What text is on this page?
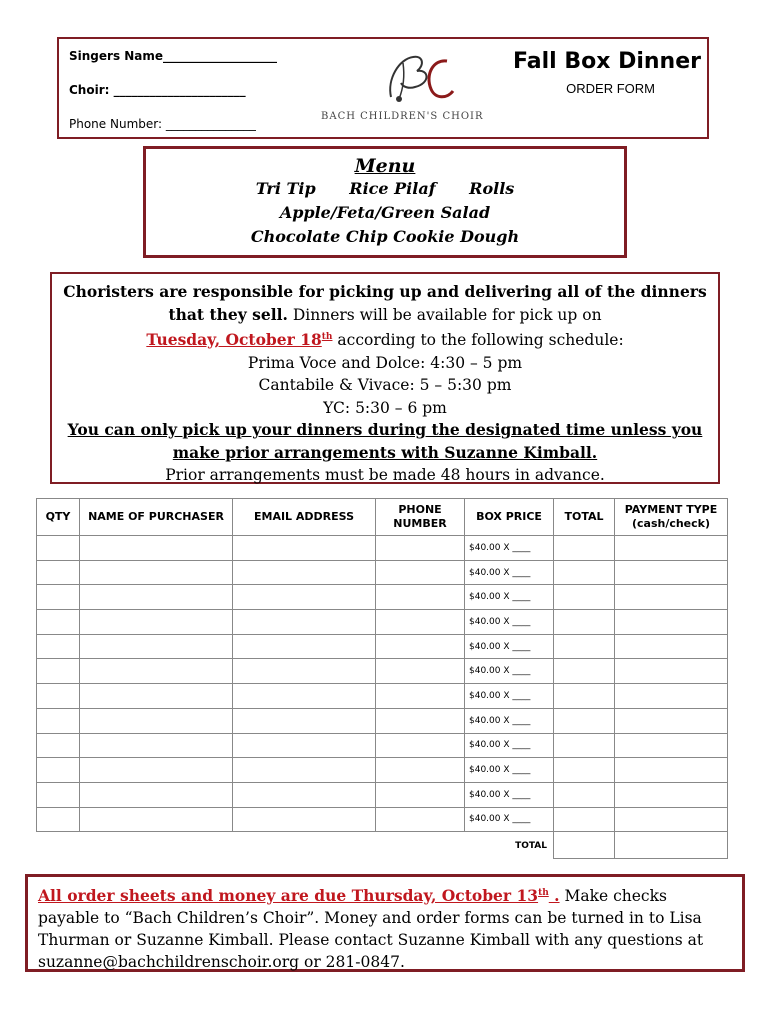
Singers Name___________________
Choir: ______________________
Phone Number: _______________
BACH CHILDREN'S CHOIR
Fall Box Dinner
ORDER FORM
Menu
Tri Tip Rice Pilaf Rolls
Apple/Feta/Green Salad
Chocolate Chip Cookie Dough
Choristers are responsible for picking up and delivering all of the dinners that they sell. Dinners will be available for pick up on
Tuesday, October 18th according to the following schedule:
Prima Voce and Dolce: 4:30 – 5 pm
Cantabile & Vivace: 5 – 5:30 pm
YC: 5:30 – 6 pm
You can only pick up your dinners during the designated time unless you make prior arrangements with Suzanne Kimball.
Prior arrangements must be made 48 hours in advance.
QTY	NAME OF PURCHASER	EMAIL ADDRESS	PHONE NUMBER	BOX PRICE	TOTAL	PAYMENT TYPE (cash/check)
				$40.00 X ____		
				$40.00 X ____		
				$40.00 X ____		
				$40.00 X ____		
				$40.00 X ____		
				$40.00 X ____		
				$40.00 X ____		
				$40.00 X ____		
				$40.00 X ____		
				$40.00 X ____		
				$40.00 X ____		
				$40.00 X ____		
				TOTAL		
All order sheets and money are due Thursday, October 13th . Make checks payable to “Bach Children’s Choir”. Money and order forms can be turned in to Lisa Thurman or Suzanne Kimball. Please contact Suzanne Kimball with any questions at suzanne@bachchildrenschoir.org or 281-0847.
